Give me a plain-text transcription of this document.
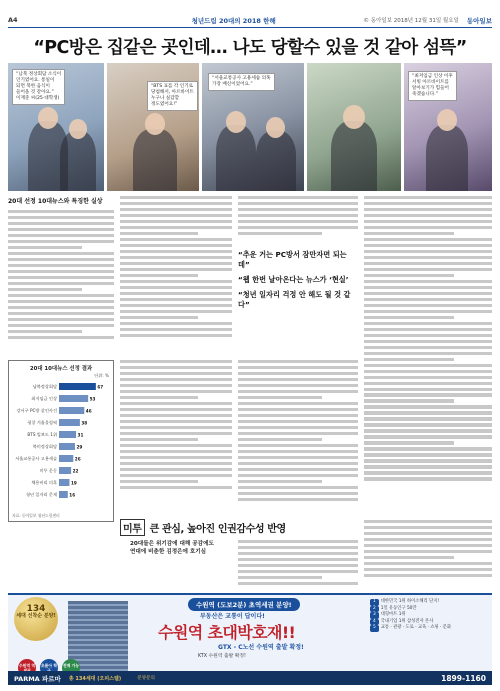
A4	청년드림 20대의 2018 한해	© 동아일보 2018년 12월 31일 월요일 동아일보
“PC방은 집같은 곳인데… 나도 당할수 있을 것 같아 섬뜩”
“남북 정상회담 소식이
인기였어요. 통일이
되면 북한 음식이
들어올 것 같아요.”
이재준 씨(25·대학생)
“BTS 표를 각 인기로
당첨해서, 아르바이트
누구나 실감할
정도였어요!”
“서울교통공사 고용세습 의혹
가장 배신이었어요.”
“최저임금 인상 이후
서빙 아르바이트를
알아보기가 힘들어
죽겠습니다.”
20대 선정 10대뉴스와 특징한 실상

“추운 거는 PC방서 잠만자면 되는데”

“웹 한번 날아온다는 뉴스가 ‘현실’

“청년 일자리 걱정 안 해도 될 것 같다”

20대 10대뉴스 선정 결과
단위: %
남북정상회담	67
최저임금 인상	53
강서구 PC방 살인사건	46
평창 겨울올림픽	38
BTS 빌보드 1위	31
북미정상회담	29
서울교통공사 고용세습	26
미투 운동	22
채용비리 의혹	19
청년 일자리 문제	16
자료: 동아일보 청년드림센터
미투 큰 관심, 높아진 인권감수성 반영
20대들은 위기감에 대해 공감에도
연대에 비춘한 김정은에 호기심
134
세대 선착순 분양!
수원역 역 초품아 학 전매 가능
수원역 (도보2분) 초역세권 분양!
부동산은 교통이 답이다!
수원역 초대박호재!!
GTX - C노선 수원역 출발 확정!
KTX 수원역 출발 확정!
1 대한민국 1위 하이소해리 단지!
2 1일 유동인구 50만
3 대형마트 1위
4 국내기업 1위 삼성전자 본사
5 교통 · 관광 · 도로 · 교육 · 쇼핑 · 문화
PARMA 파르마 총 134세대 (오피스텔)	분양문의	1899-1160
